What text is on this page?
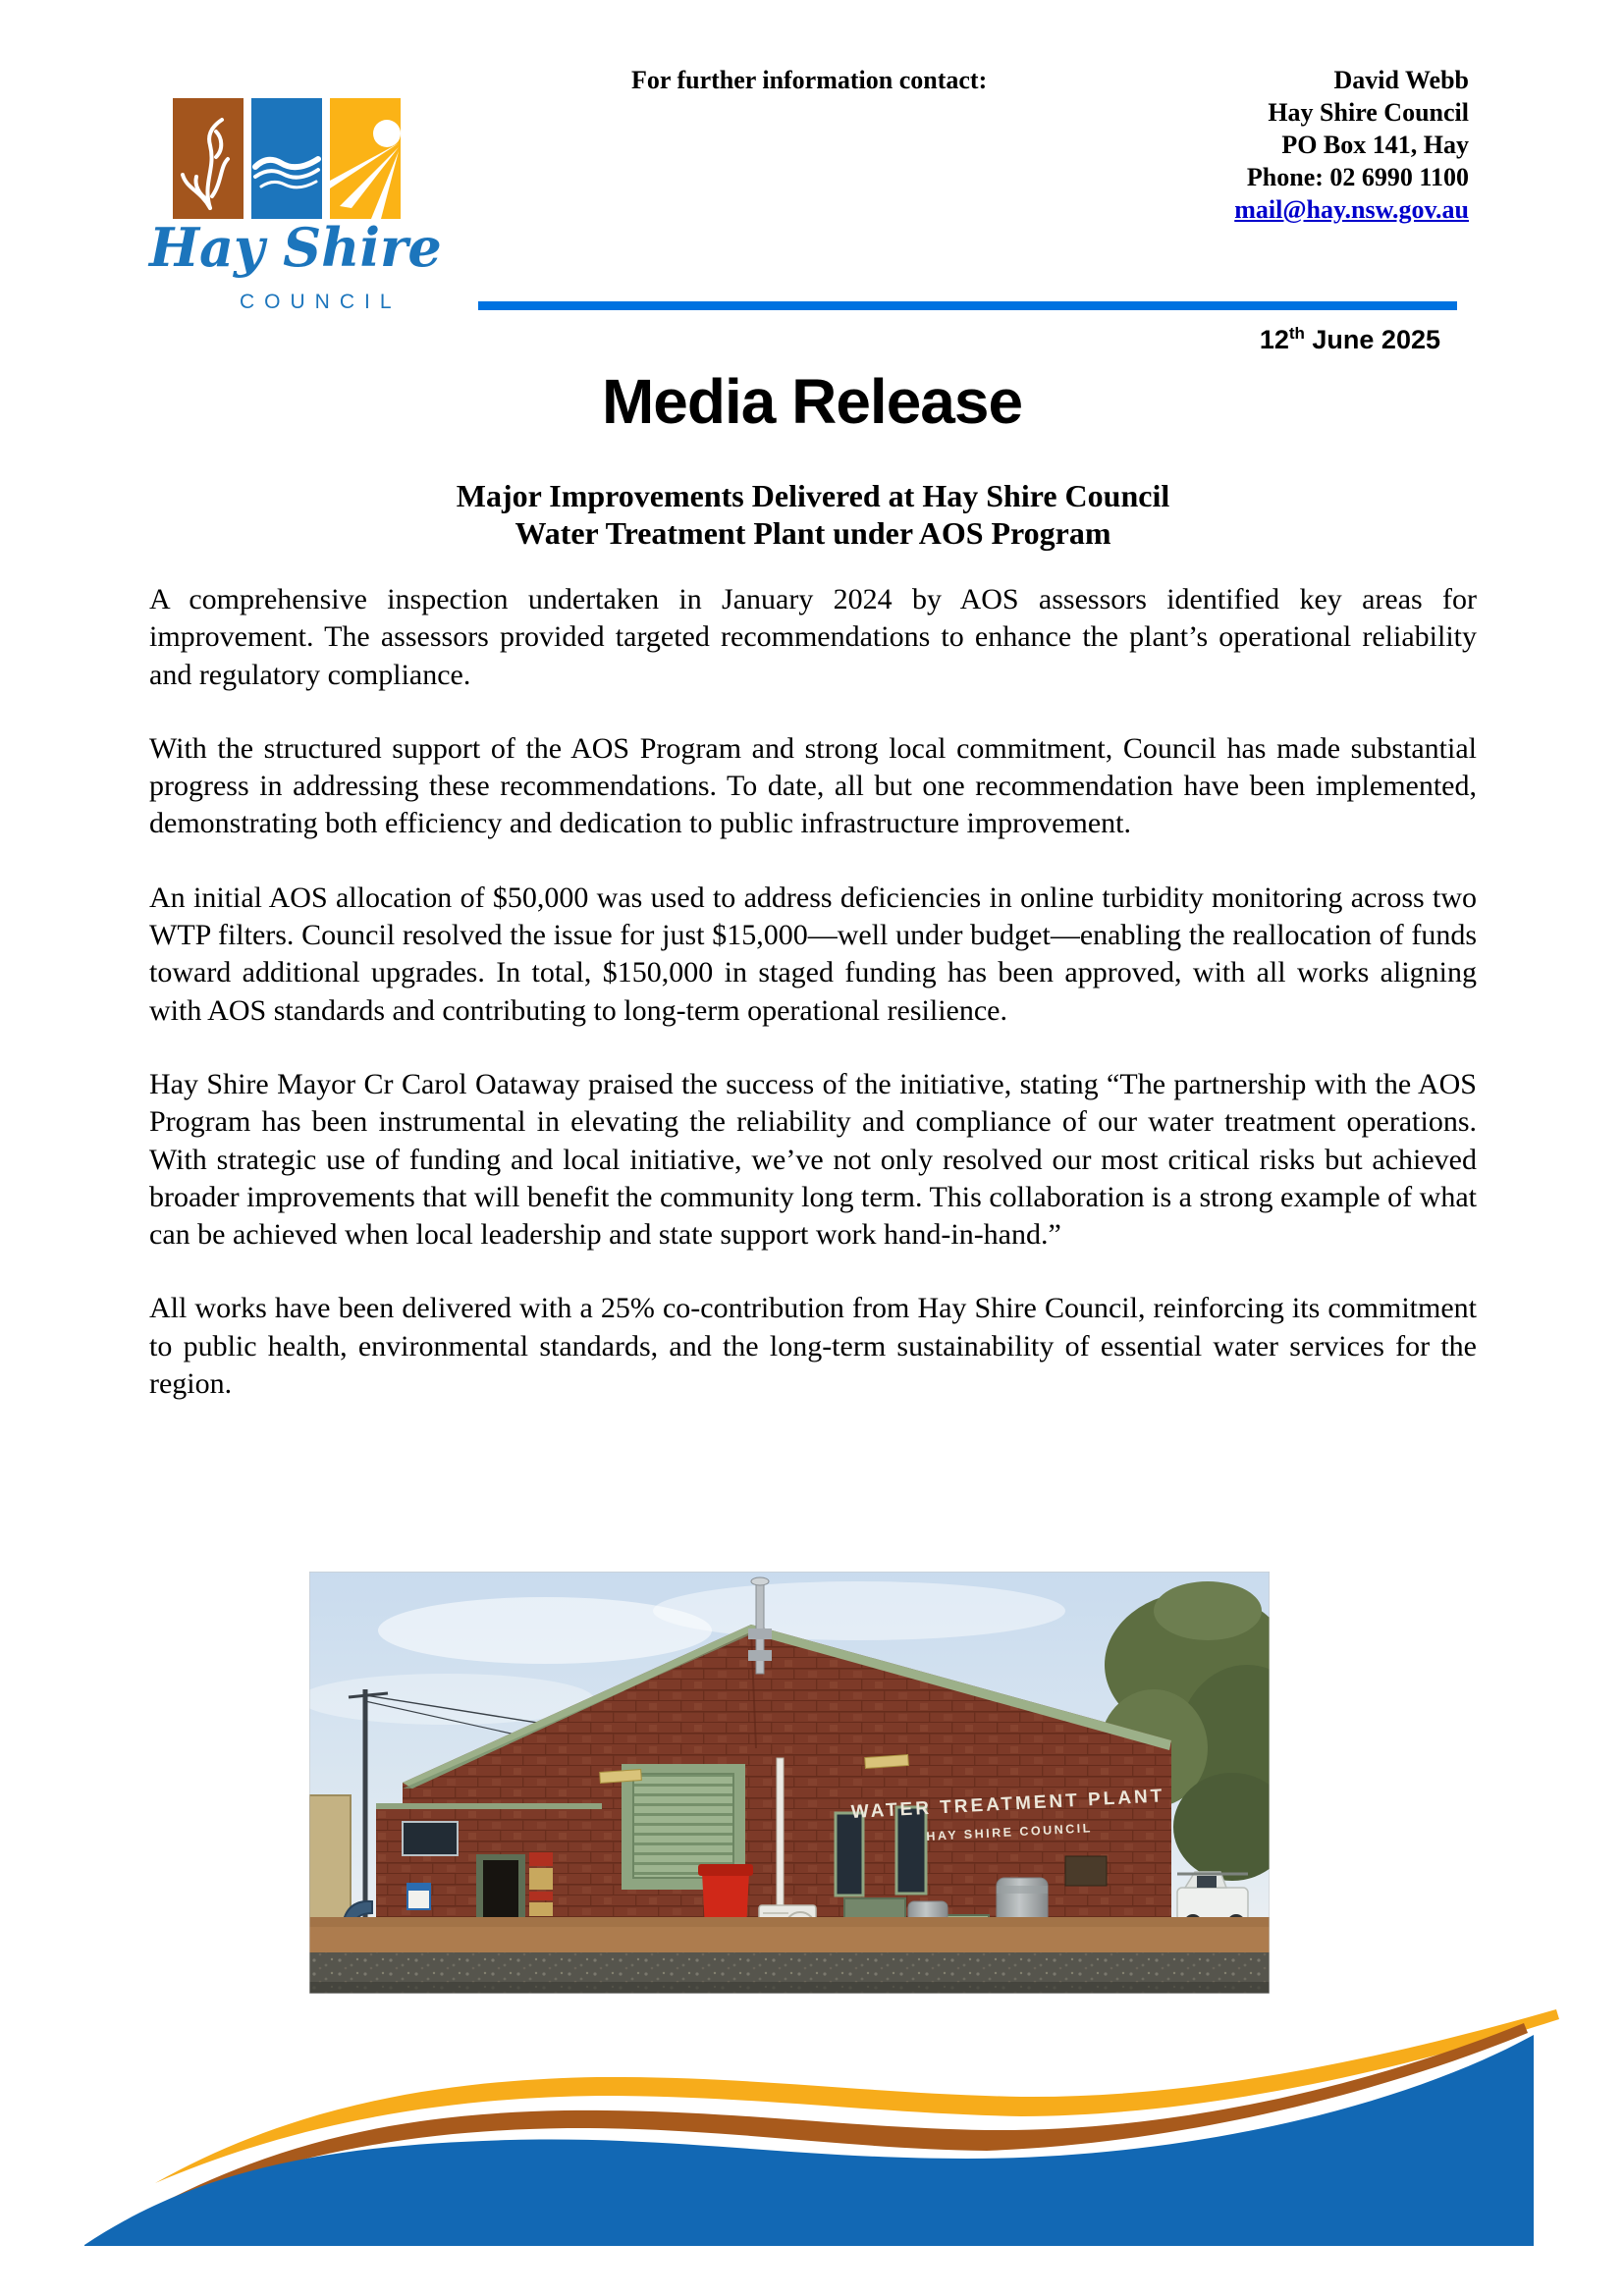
Hay Shire
COUNCIL
For further information contact:	David Webb
Hay Shire Council
PO Box 141, Hay
Phone: 02 6990 1100
mail@hay.nsw.gov.au
12th June 2025
Media Release
Major Improvements Delivered at Hay Shire Council
Water Treatment Plant under AOS Program

A comprehensive inspection undertaken in January 2024 by AOS assessors identified key areas for improvement. The assessors provided targeted recommendations to enhance the plant’s operational reliability and regulatory compliance.

With the structured support of the AOS Program and strong local commitment, Council has made substantial progress in addressing these recommendations. To date, all but one recommendation have been implemented, demonstrating both efficiency and dedication to public infrastructure improvement.

An initial AOS allocation of $50,000 was used to address deficiencies in online turbidity monitoring across two WTP filters. Council resolved the issue for just $15,000—well under budget—enabling the reallocation of funds toward additional upgrades. In total, $150,000 in staged funding has been approved, with all works aligning with AOS standards and contributing to long-term operational resilience.

Hay Shire Mayor Cr Carol Oataway praised the success of the initiative, stating “The partnership with the AOS Program has been instrumental in elevating the reliability and compliance of our water treatment operations. With strategic use of funding and local initiative, we’ve not only resolved our most critical risks but achieved broader improvements that will benefit the community long term. This collaboration is a strong example of what can be achieved when local leadership and state support work hand-in-hand.”

All works have been delivered with a 25% co-contribution from Hay Shire Council, reinforcing its commitment to public health, environmental standards, and the long-term sustainability of essential water services for the region.

WATER TREATMENT PLANT
HAY SHIRE COUNCIL
